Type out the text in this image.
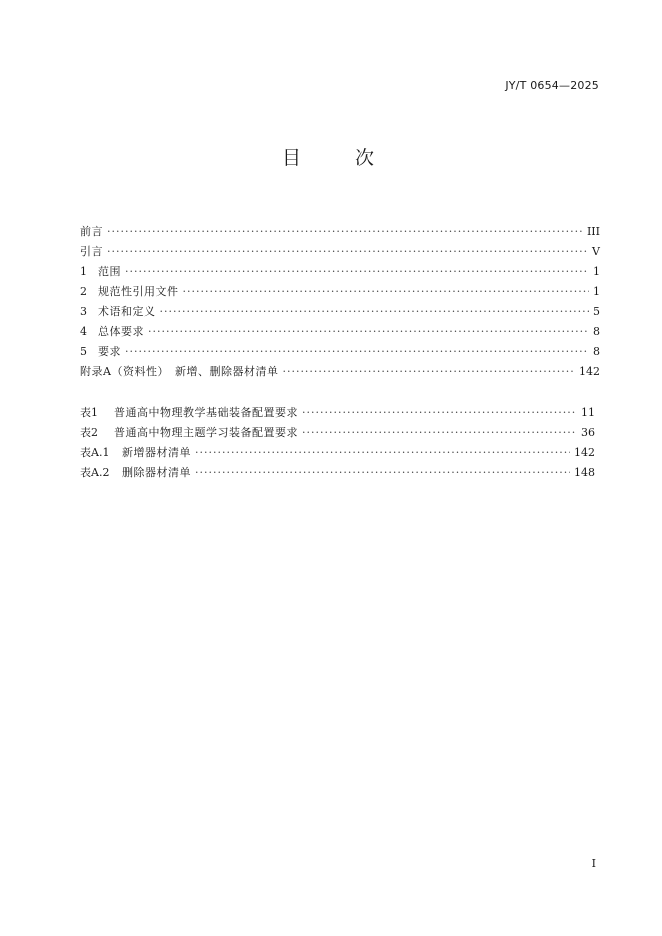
JY/T 0654—2025
目 次
前言 ·····	III
引言 ·····	V
1	范围 ·····	1
2	规范性引用文件 ·····	1
3	术语和定义 ·····	5
4	总体要求 ·····	8
5	要求 ·····	8
附录A（资料性）　新增、删除器材清单 ·····	142
表1	普通高中物理教学基础装备配置要求 ·····	11
表2	普通高中物理主题学习装备配置要求 ·····	36
表A.1	新增器材清单 ·····	142
表A.2	删除器材清单 ·····	148
I
